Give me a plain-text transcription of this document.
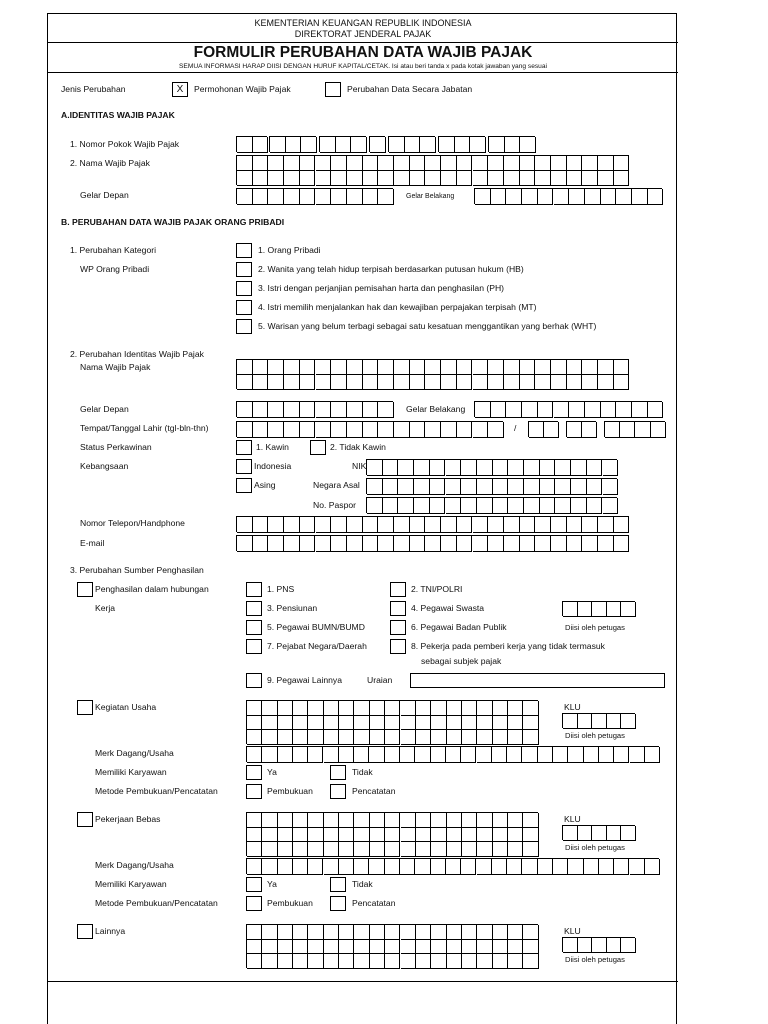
KEMENTERIAN KEUANGAN REPUBLIK INDONESIA
DIREKTORAT JENDERAL PAJAK
FORMULIR PERUBAHAN DATA WAJIB PAJAK
SEMUA INFORMASI HARAP DIISI DENGAN HURUF KAPITAL/CETAK. Isi atau beri tanda x pada kotak jawaban yang sesuai
Jenis Perubahan	X	Permohonan Wajib Pajak	Perubahan Data Secara Jabatan
A.IDENTITAS WAJIB PAJAK
1. Nomor Pokok Wajib Pajak
2. Nama Wajib Pajak
Gelar Depan	Gelar Belakang
B. PERUBAHAN DATA WAJIB PAJAK ORANG PRIBADI
1. Perubahan Kategori
WP Orang Pribadi
1. Orang Pribadi
2. Wanita yang telah hidup terpisah berdasarkan putusan hukum (HB)
3. Istri dengan perjanjian pemisahan harta dan penghasilan (PH)
4. Istri memilih menjalankan hak dan kewajiban perpajakan terpisah (MT)
5. Warisan yang belum terbagi sebagai satu kesatuan menggantikan yang berhak (WHT)
2. Perubahan Identitas Wajib Pajak
Nama Wajib Pajak
Gelar Depan	Gelar Belakang
Tempat/Tanggal Lahir (tgl-bln-thn)	/
Status Perkawinan	1. Kawin	2. Tidak Kawin
Kebangsaan	Indonesia	NIK
Asing	Negara Asal
No. Paspor
Nomor Telepon/Handphone
E-mail
3. Perubahan Sumber Penghasilan
Penghasilan dalam hubungan
Kerja
1. PNS	2. TNI/POLRI
3. Pensiunan	4. Pegawai Swasta
5. Pegawai BUMN/BUMD	6. Pegawai Badan Publik	Diisi oleh petugas
7. Pejabat Negara/Daerah	8. Pekerja pada pemberi kerja yang tidak termasuk
sebagai subjek pajak
9. Pegawai Lainnya	Uraian
Kegiatan Usaha	KLU
Diisi oleh petugas
Merk Dagang/Usaha
Memiliki Karyawan	Ya	Tidak
Metode Pembukuan/Pencatatan	Pembukuan	Pencatatan
Pekerjaan Bebas	KLU
Diisi oleh petugas
Merk Dagang/Usaha
Memiliki Karyawan	Ya	Tidak
Metode Pembukuan/Pencatatan	Pembukuan	Pencatatan
Lainnya	KLU
Diisi oleh petugas
